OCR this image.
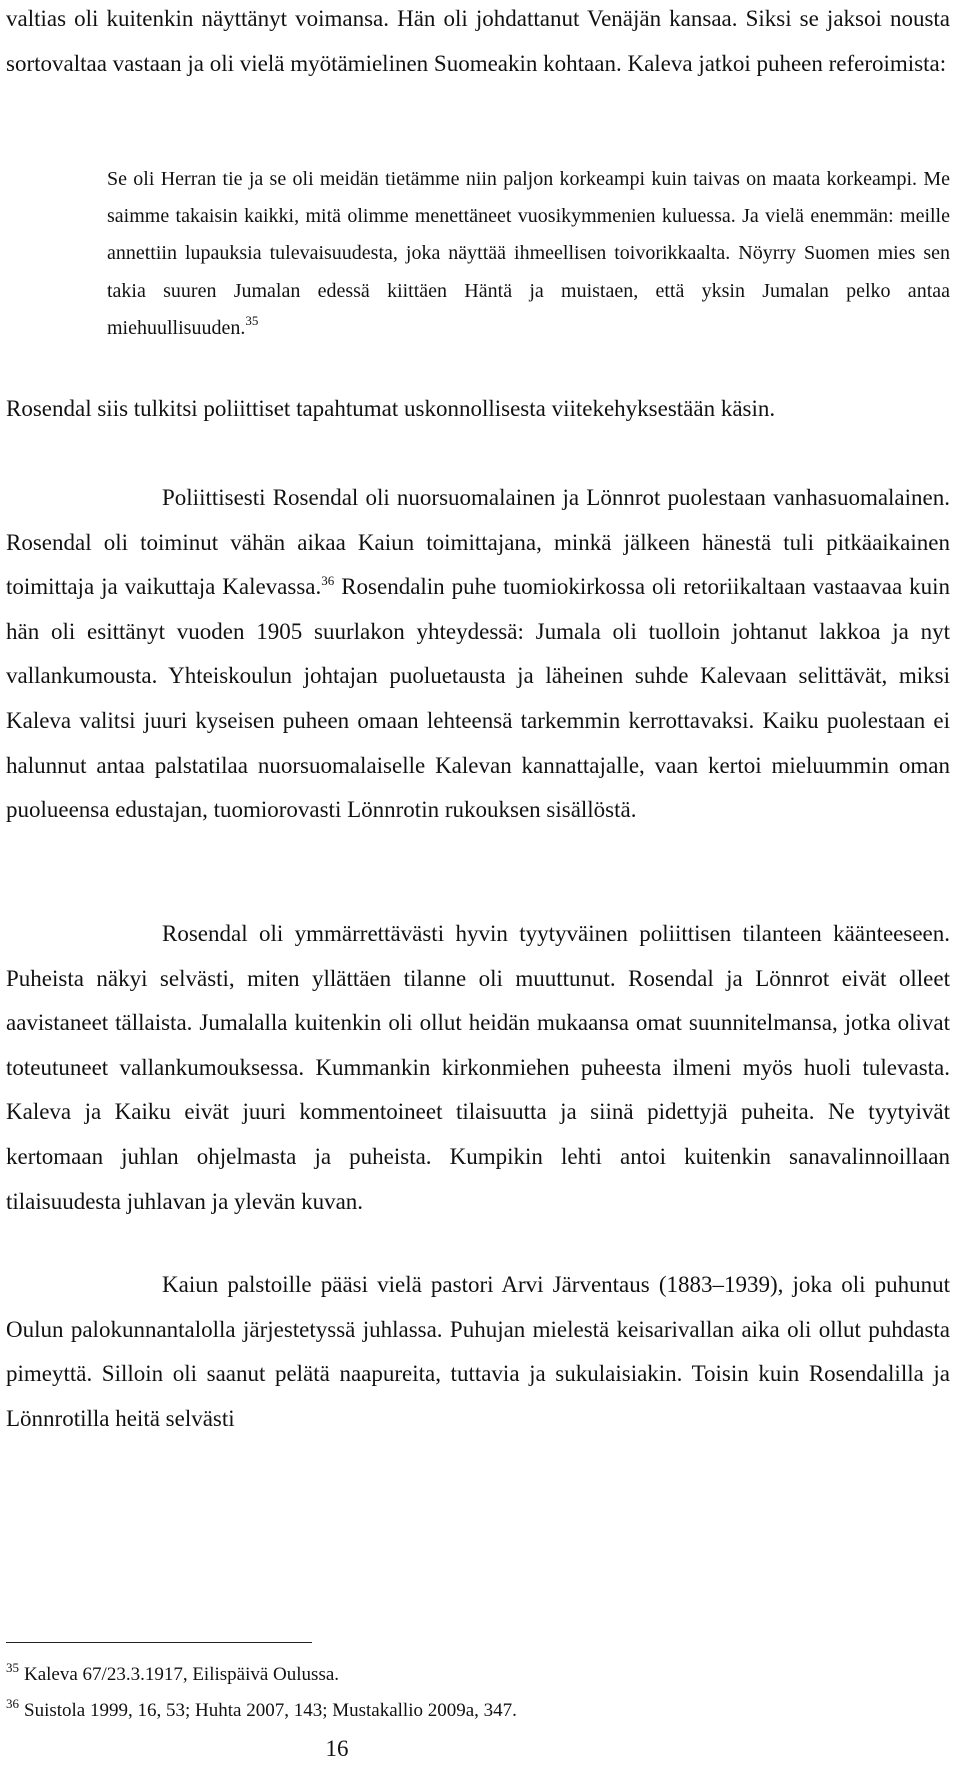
valtias oli kuitenkin näyttänyt voimansa. Hän oli johdattanut Venäjän kansaa. Siksi se jaksoi nousta sortovaltaa vastaan ja oli vielä myötämielinen Suomeakin kohtaan. Kaleva jatkoi puheen referoimista:

Se oli Herran tie ja se oli meidän tietämme niin paljon korkeampi kuin taivas on maata korkeampi. Me saimme takaisin kaikki, mitä olimme menettäneet vuosikymmenien kuluessa. Ja vielä enemmän: meille annettiin lupauksia tulevaisuudesta, joka näyttää ihmeellisen toivorikkaalta. Nöyrry Suomen mies sen takia suuren Jumalan edessä kiittäen Häntä ja muistaen, että yksin Jumalan pelko antaa miehuullisuuden.$^{35}$

Rosendal siis tulkitsi poliittiset tapahtumat uskonnollisesta viitekehyksestään käsin.

Poliittisesti Rosendal oli nuorsuomalainen ja Lönnrot puolestaan vanhasuomalainen. Rosendal oli toiminut vähän aikaa Kaiun toimittajana, minkä jälkeen hänestä tuli pitkäaikainen toimittaja ja vaikuttaja Kalevassa.$^{36}$ Rosendalin puhe tuomiokirkossa oli retoriikaltaan vastaavaa kuin hän oli esittänyt vuoden 1905 suurlakon yhteydessä: Jumala oli tuolloin johtanut lakkoa ja nyt vallankumousta. Yhteiskoulun johtajan puoluetausta ja läheinen suhde Kalevaan selittävät, miksi Kaleva valitsi juuri kyseisen puheen omaan lehteensä tarkemmin kerrottavaksi. Kaiku puolestaan ei halunnut antaa palstatilaa nuorsuomalaiselle Kalevan kannattajalle, vaan kertoi mieluummin oman puolueensa edustajan, tuomiorovasti Lönnrotin rukouksen sisällöstä.

Rosendal oli ymmärrettävästi hyvin tyytyväinen poliittisen tilanteen käänteeseen. Puheista näkyi selvästi, miten yllättäen tilanne oli muuttunut. Rosendal ja Lönnrot eivät olleet aavistaneet tällaista. Jumalalla kuitenkin oli ollut heidän mukaansa omat suunnitelmansa, jotka olivat toteutuneet vallankumouksessa. Kummankin kirkonmiehen puheesta ilmeni myös huoli tulevasta. Kaleva ja Kaiku eivät juuri kommentoineet tilaisuutta ja siinä pidettyjä puheita. Ne tyytyivät kertomaan juhlan ohjelmasta ja puheista. Kumpikin lehti antoi kuitenkin sanavalinnoillaan tilaisuudesta juhlavan ja ylevän kuvan.

Kaiun palstoille pääsi vielä pastori Arvi Järventaus (1883–1939), joka oli puhunut Oulun palokunnantalolla järjestetyssä juhlassa. Puhujan mielestä keisarivallan aika oli ollut puhdasta pimeyttä. Silloin oli saanut pelätä naapureita, tuttavia ja sukulaisiakin. Toisin kuin Rosendalilla ja Lönnrotilla heitä selvästi

35 Kaleva 67/23.3.1917, Eilispäivä Oulussa.

36 Suistola 1999, 16, 53; Huhta 2007, 143; Mustakallio 2009a, 347.

16
